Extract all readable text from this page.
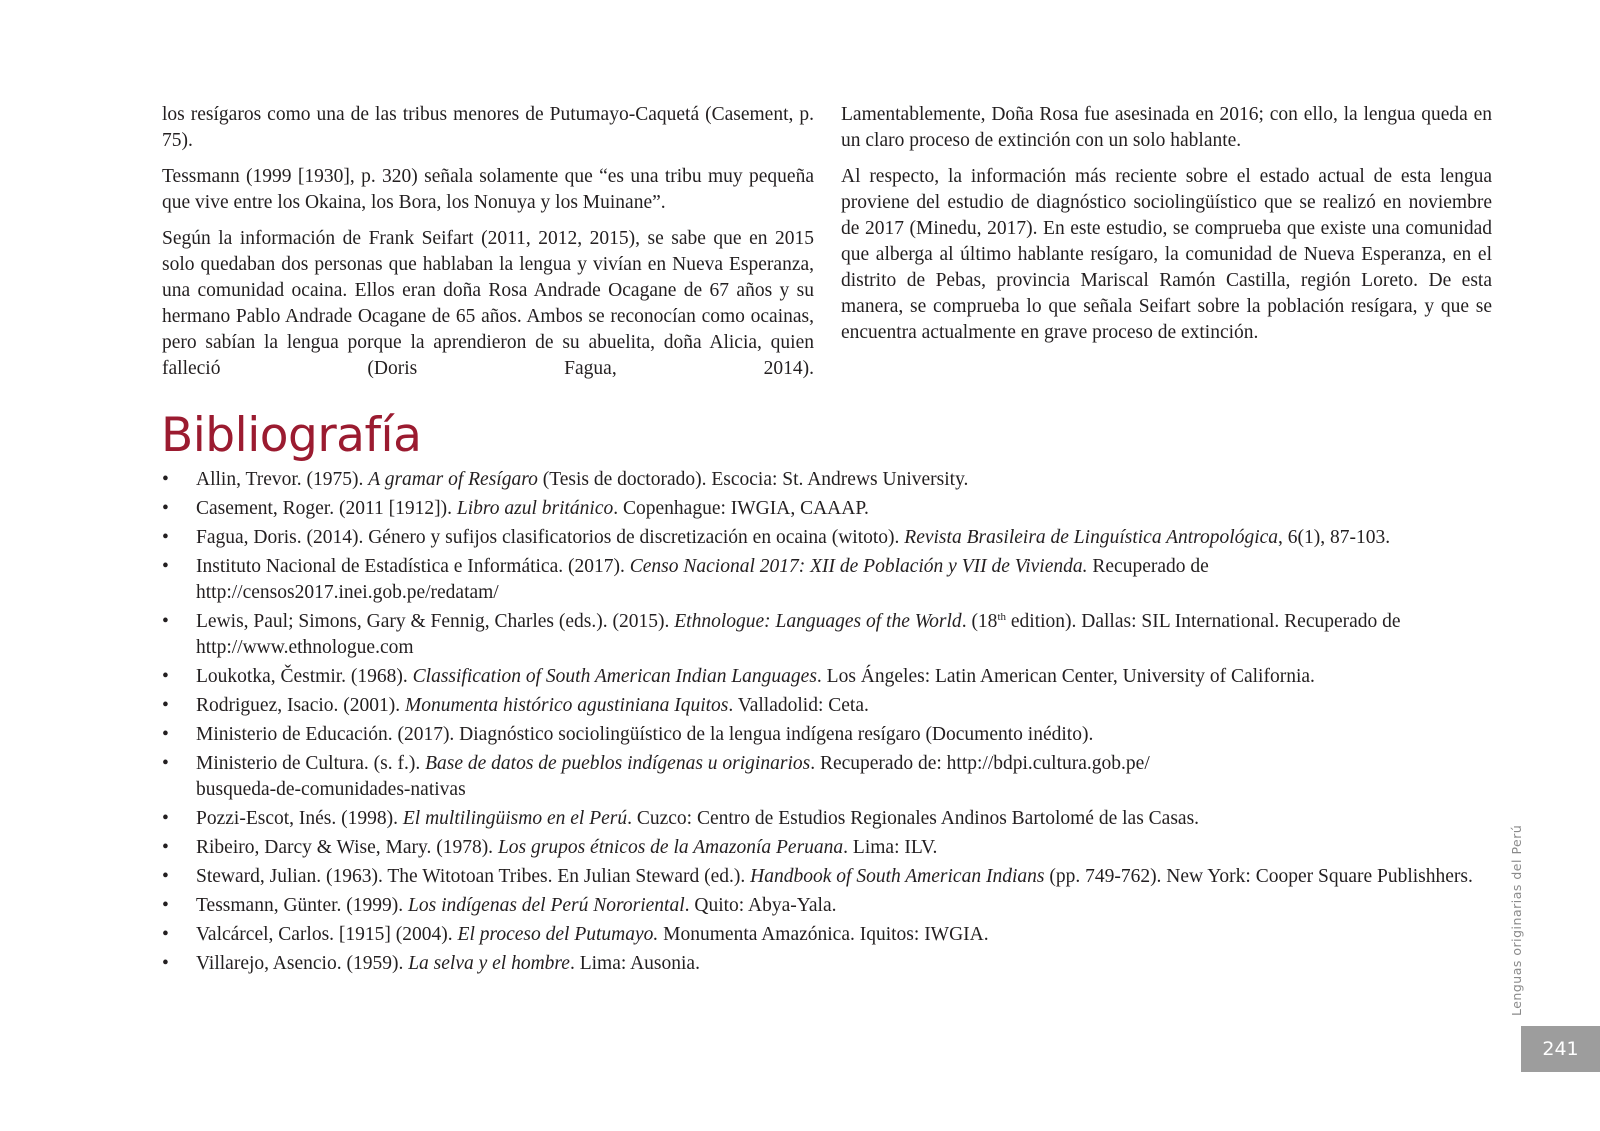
los resígaros como una de las tribus menores de Putumayo-Caquetá (Casement, p. 75).

Tessmann (1999 [1930], p. 320) señala solamente que “es una tribu muy pequeña que vive entre los Okaina, los Bora, los Nonuya y los Muinane”.

Según la información de Frank Seifart (2011, 2012, 2015), se sabe que en 2015 solo quedaban dos personas que hablaban la lengua y vivían en Nueva Esperanza, una comunidad ocaina. Ellos eran doña Rosa Andrade Ocagane de 67 años y su hermano Pablo Andrade Ocagane de 65 años. Ambos se reconocían como ocainas, pero sabían la lengua porque la aprendieron de su abuelita, doña Alicia, quien falleció (Doris Fagua, 2014).

Lamentablemente, Doña Rosa fue asesinada en 2016; con ello, la lengua queda en un claro proceso de extinción con un solo hablante.

Al respecto, la información más reciente sobre el estado actual de esta lengua proviene del estudio de diagnóstico sociolingüístico que se realizó en noviembre de 2017 (Minedu, 2017). En este estudio, se comprueba que existe una comunidad que alberga al último hablante resígaro, la comunidad de Nueva Esperanza, en el distrito de Pebas, provincia Mariscal Ramón Castilla, región Loreto. De esta manera, se comprueba lo que señala Seifart sobre la población resígara, y que se encuentra actualmente en grave proceso de extinción.

Bibliografía
• Allin, Trevor. (1975). A gramar of Resígaro (Tesis de doctorado). Escocia: St. Andrews University.
• Casement, Roger. (2011 [1912]). Libro azul británico. Copenhague: IWGIA, CAAAP.
• Fagua, Doris. (2014). Género y sufijos clasificatorios de discretización en ocaina (witoto). Revista Brasileira de Linguística Antropológica, 6(1), 87-103.
• Instituto Nacional de Estadística e Informática. (2017). Censo Nacional 2017: XII de Población y VII de Vivienda. Recuperado de http://censos2017.inei.gob.pe/redatam/
• Lewis, Paul; Simons, Gary & Fennig, Charles (eds.). (2015). Ethnologue: Languages of the World. (18th edition). Dallas: SIL International. Recuperado de http://www.ethnologue.com
• Loukotka, Čestmir. (1968). Classification of South American Indian Languages. Los Ángeles: Latin American Center, University of California.
• Rodriguez, Isacio. (2001). Monumenta histórico agustiniana Iquitos. Valladolid: Ceta.
• Ministerio de Educación. (2017). Diagnóstico sociolingüístico de la lengua indígena resígaro (Documento inédito).
• Ministerio de Cultura. (s. f.). Base de datos de pueblos indígenas u originarios. Recuperado de: http://bdpi.cultura.gob.pe/
busqueda-de-comunidades-nativas
• Pozzi-Escot, Inés. (1998). El multilingüismo en el Perú. Cuzco: Centro de Estudios Regionales Andinos Bartolomé de las Casas.
• Ribeiro, Darcy & Wise, Mary. (1978). Los grupos étnicos de la Amazonía Peruana. Lima: ILV.
• Steward, Julian. (1963). The Witotoan Tribes. En Julian Steward (ed.). Handbook of South American Indians (pp. 749-762). New York: Cooper Square Publishhers.
• Tessmann, Günter. (1999). Los indígenas del Perú Nororiental. Quito: Abya-Yala.
• Valcárcel, Carlos. [1915] (2004). El proceso del Putumayo. Monumenta Amazónica. Iquitos: IWGIA.
• Villarejo, Asencio. (1959). La selva y el hombre. Lima: Ausonia.	Lenguas originarias del Perú
241
